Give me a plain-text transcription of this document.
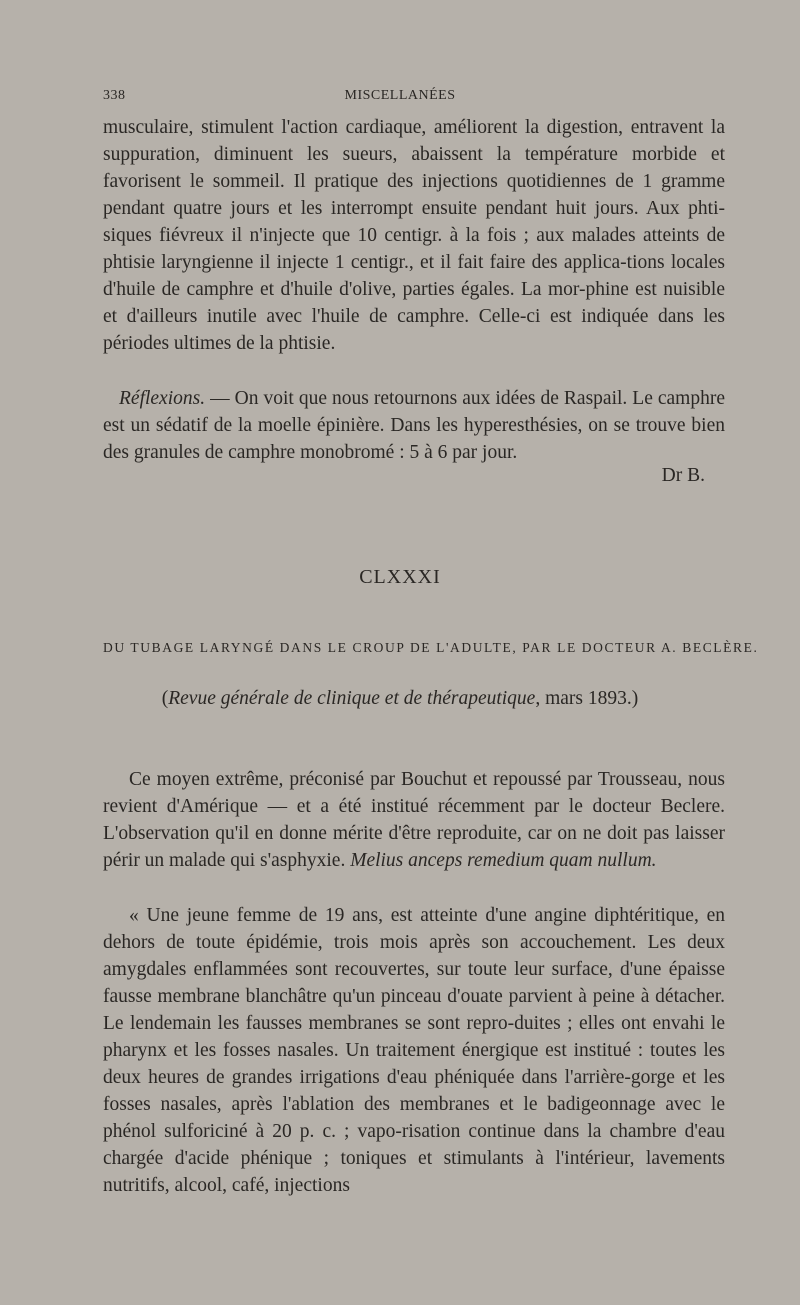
338	MISCELLANÉES

musculaire, stimulent l'action cardiaque, améliorent la digestion, entravent la suppuration, diminuent les sueurs, abaissent la température morbide et favorisent le sommeil. Il pratique des injections quotidiennes de 1 gramme pendant quatre jours et les interrompt ensuite pendant huit jours. Aux phti-siques fiévreux il n'injecte que 10 centigr. à la fois ; aux malades atteints de phtisie laryngienne il injecte 1 centigr., et il fait faire des applica-tions locales d'huile de camphre et d'huile d'olive, parties égales. La mor-phine est nuisible et d'ailleurs inutile avec l'huile de camphre. Celle-ci est indiquée dans les périodes ultimes de la phtisie.

Réflexions. — On voit que nous retournons aux idées de Raspail. Le camphre est un sédatif de la moelle épinière. Dans les hyperesthésies, on se trouve bien des granules de camphre monobromé : 5 à 6 par jour.

Dr B.
CLXXXI
DU TUBAGE LARYNGÉ DANS LE CROUP DE L'ADULTE, PAR LE DOCTEUR A. BECLÈRE.
(Revue générale de clinique et de thérapeutique, mars 1893.)

Ce moyen extrême, préconisé par Bouchut et repoussé par Trousseau, nous revient d'Amérique — et a été institué récemment par le docteur Beclere. L'observation qu'il en donne mérite d'être reproduite, car on ne doit pas laisser périr un malade qui s'asphyxie. Melius anceps remedium quam nullum.

« Une jeune femme de 19 ans, est atteinte d'une angine diphtéritique, en dehors de toute épidémie, trois mois après son accouchement. Les deux amygdales enflammées sont recouvertes, sur toute leur surface, d'une épaisse fausse membrane blanchâtre qu'un pinceau d'ouate parvient à peine à détacher. Le lendemain les fausses membranes se sont repro-duites ; elles ont envahi le pharynx et les fosses nasales. Un traitement énergique est institué : toutes les deux heures de grandes irrigations d'eau phéniquée dans l'arrière-gorge et les fosses nasales, après l'ablation des membranes et le badigeonnage avec le phénol sulforiciné à 20 p. c. ; vapo-risation continue dans la chambre d'eau chargée d'acide phénique ; toniques et stimulants à l'intérieur, lavements nutritifs, alcool, café, injections
